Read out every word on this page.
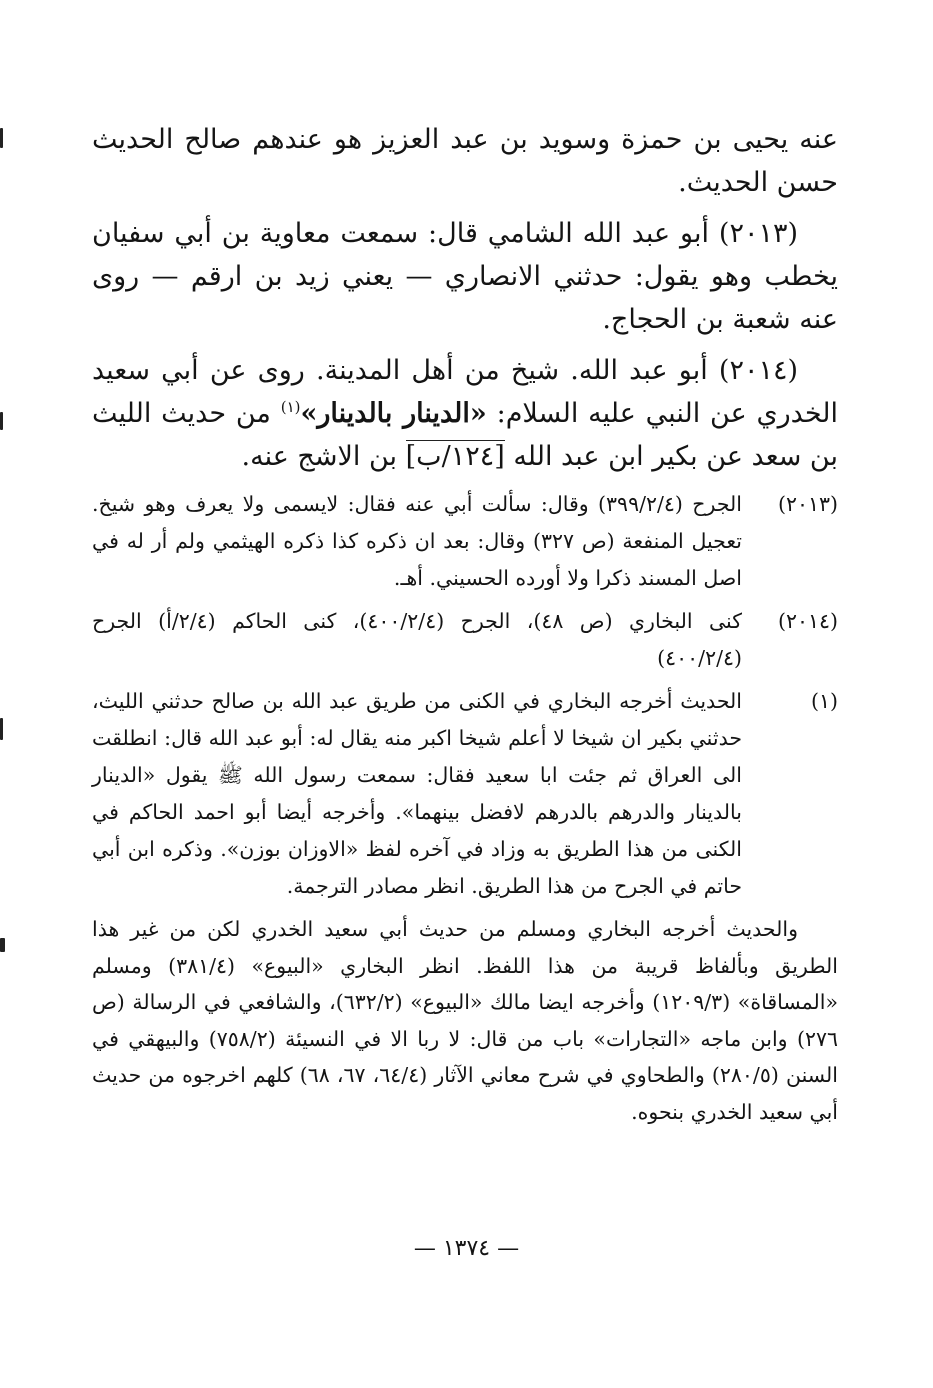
عنه يحيى بن حمزة وسويد بن عبد العزيز هو عندهم صالح الحديث حسن الحديث.

(٢٠١٣) أبو عبد الله الشامي قال: سمعت معاوية بن أبي سفيان يخطب وهو يقول: حدثني الانصاري — يعني زيد بن ارقم — روى عنه شعبة بن الحجاج.

(٢٠١٤) أبو عبد الله. شيخ من أهل المدينة. روى عن أبي سعيد الخدري عن النبي عليه السلام: «الدينار بالدينار»$^{(١)}$ من حديث الليث بن سعد عن بكير ابن عبد الله [١٢٤/ب] بن الاشج عنه.

(٢٠١٣)
الجرح (٣٩٩/٢/٤) وقال: سألت أبي عنه فقال: لايسمى ولا يعرف وهو شيخ. تعجيل المنفعة (ص ٣٢٧) وقال: بعد ان ذكره كذا ذكره الهيثمي ولم أر له في اصل المسند ذكرا ولا أورده الحسيني. أهـ.
(٢٠١٤)
كنى البخاري (ص ٤٨)، الجرح (٤٠٠/٢/٤)، كنى الحاكم (٢/٤/أ) الجرح (٤٠٠/٢/٤)
(١)
الحديث أخرجه البخاري في الكنى من طريق عبد الله بن صالح حدثني الليث، حدثني بكير ان شيخا لا أعلم شيخا اكبر منه يقال له: أبو عبد الله قال: انطلقت الى العراق ثم جئت ابا سعيد فقال: سمعت رسول الله ﷺ يقول «الدينار بالدينار والدرهم بالدرهم لافضل بينهما». وأخرجه أيضا أبو احمد الحاكم في الكنى من هذا الطريق به وزاد في آخره لفظ «الاوزان بوزن». وذكره ابن أبي حاتم في الجرح من هذا الطريق. انظر مصادر الترجمة.

والحديث أخرجه البخاري ومسلم من حديث أبي سعيد الخدري لكن من غير هذا الطريق وبألفاظ قريبة من هذا اللفظ. انظر البخاري «البيوع» (٣٨١/٤) ومسلم «المساقاة» (١٢٠٩/٣) وأخرجه ايضا مالك «البيوع» (٦٣٢/٢)، والشافعي في الرسالة (ص ٢٧٦) وابن ماجه «التجارات» باب من قال: لا ربا الا في النسيئة (٧٥٨/٢) والبيهقي في السنن (٢٨٠/٥) والطحاوي في شرح معاني الآثار (٦٤/٤، ٦٧، ٦٨) كلهم اخرجوه من حديث أبي سعيد الخدري بنحوه.

— ١٣٧٤ —
